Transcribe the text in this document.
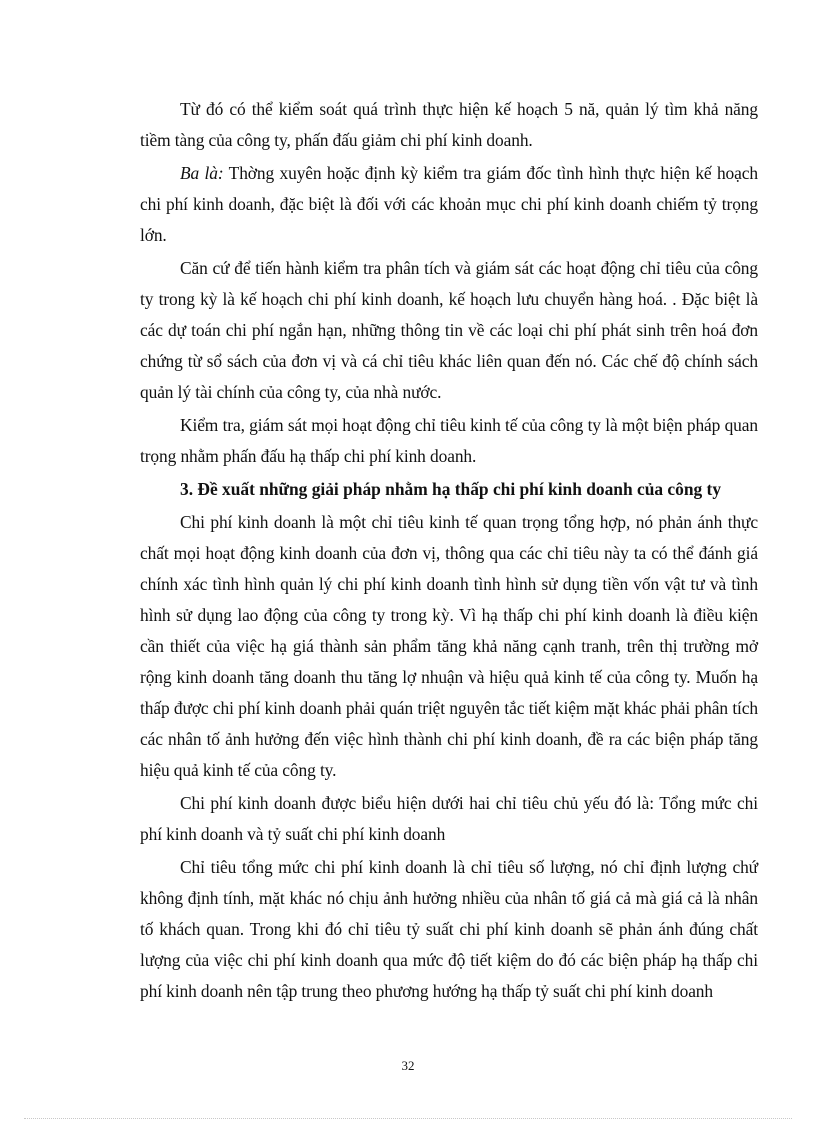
Từ đó có thể kiểm soát quá trình thực hiện kế hoạch 5 nă, quản lý tìm khả năng tiềm tàng của công ty, phấn đấu giảm chi phí kinh doanh.

Ba là: Thờng xuyên hoặc định kỳ kiểm tra giám đốc tình hình thực hiện kế hoạch chi phí kinh doanh, đặc biệt là đối với các khoản mục chi phí kinh doanh chiếm tỷ trọng lớn.

Căn cứ để tiến hành kiểm tra phân tích và giám sát các hoạt động chỉ tiêu của công ty trong kỳ là kế hoạch chi phí kinh doanh, kế hoạch lưu chuyển hàng hoá. . Đặc biệt là các dự toán chi phí ngắn hạn, những thông tin về các loại chi phí phát sinh trên hoá đơn chứng từ sổ sách của đơn vị và cá chỉ tiêu khác liên quan đến nó. Các chế độ chính sách quản lý tài chính của công ty, của nhà nước.

Kiểm tra, giám sát mọi hoạt động chỉ tiêu kinh tế của công ty là một biện pháp quan trọng nhằm phấn đấu hạ thấp chi phí kinh doanh.

3. Đề xuất những giải pháp nhằm hạ thấp chi phí kinh doanh của công ty

Chi phí kinh doanh là một chỉ tiêu kinh tế quan trọng tổng hợp, nó phản ánh thực chất mọi hoạt động kinh doanh của đơn vị, thông qua các chỉ tiêu này ta có thể đánh giá chính xác tình hình quản lý chi phí kinh doanh tình hình sử dụng tiền vốn vật tư và tình hình sử dụng lao động của công ty trong kỳ. Vì hạ thấp chi phí kinh doanh là điều kiện cần thiết của việc hạ giá thành sản phẩm tăng khả năng cạnh tranh, trên thị trường mở rộng kinh doanh tăng doanh thu tăng lợ nhuận và hiệu quả kinh tế của công ty. Muốn hạ thấp được chi phí kinh doanh phải quán triệt nguyên tắc tiết kiệm mặt khác phải phân tích các nhân tố ảnh hưởng đến việc hình thành chi phí kinh doanh, đề ra các biện pháp tăng hiệu quả kinh tế của công ty.

Chi phí kinh doanh được biểu hiện dưới hai chỉ tiêu chủ yếu đó là: Tổng mức chi phí kinh doanh và tỷ suất chi phí kinh doanh

Chỉ tiêu tổng mức chi phí kinh doanh là chỉ tiêu số lượng, nó chỉ định lượng chứ không định tính, mặt khác nó chịu ảnh hưởng nhiều của nhân tố giá cả mà giá cả là nhân tố khách quan. Trong khi đó chỉ tiêu tỷ suất chi phí kinh doanh sẽ phản ánh đúng chất lượng của việc chi phí kinh doanh qua mức độ tiết kiệm do đó các biện pháp hạ thấp chi phí kinh doanh nên tập trung theo phương hướng hạ thấp tỷ suất chi phí kinh doanh

32
